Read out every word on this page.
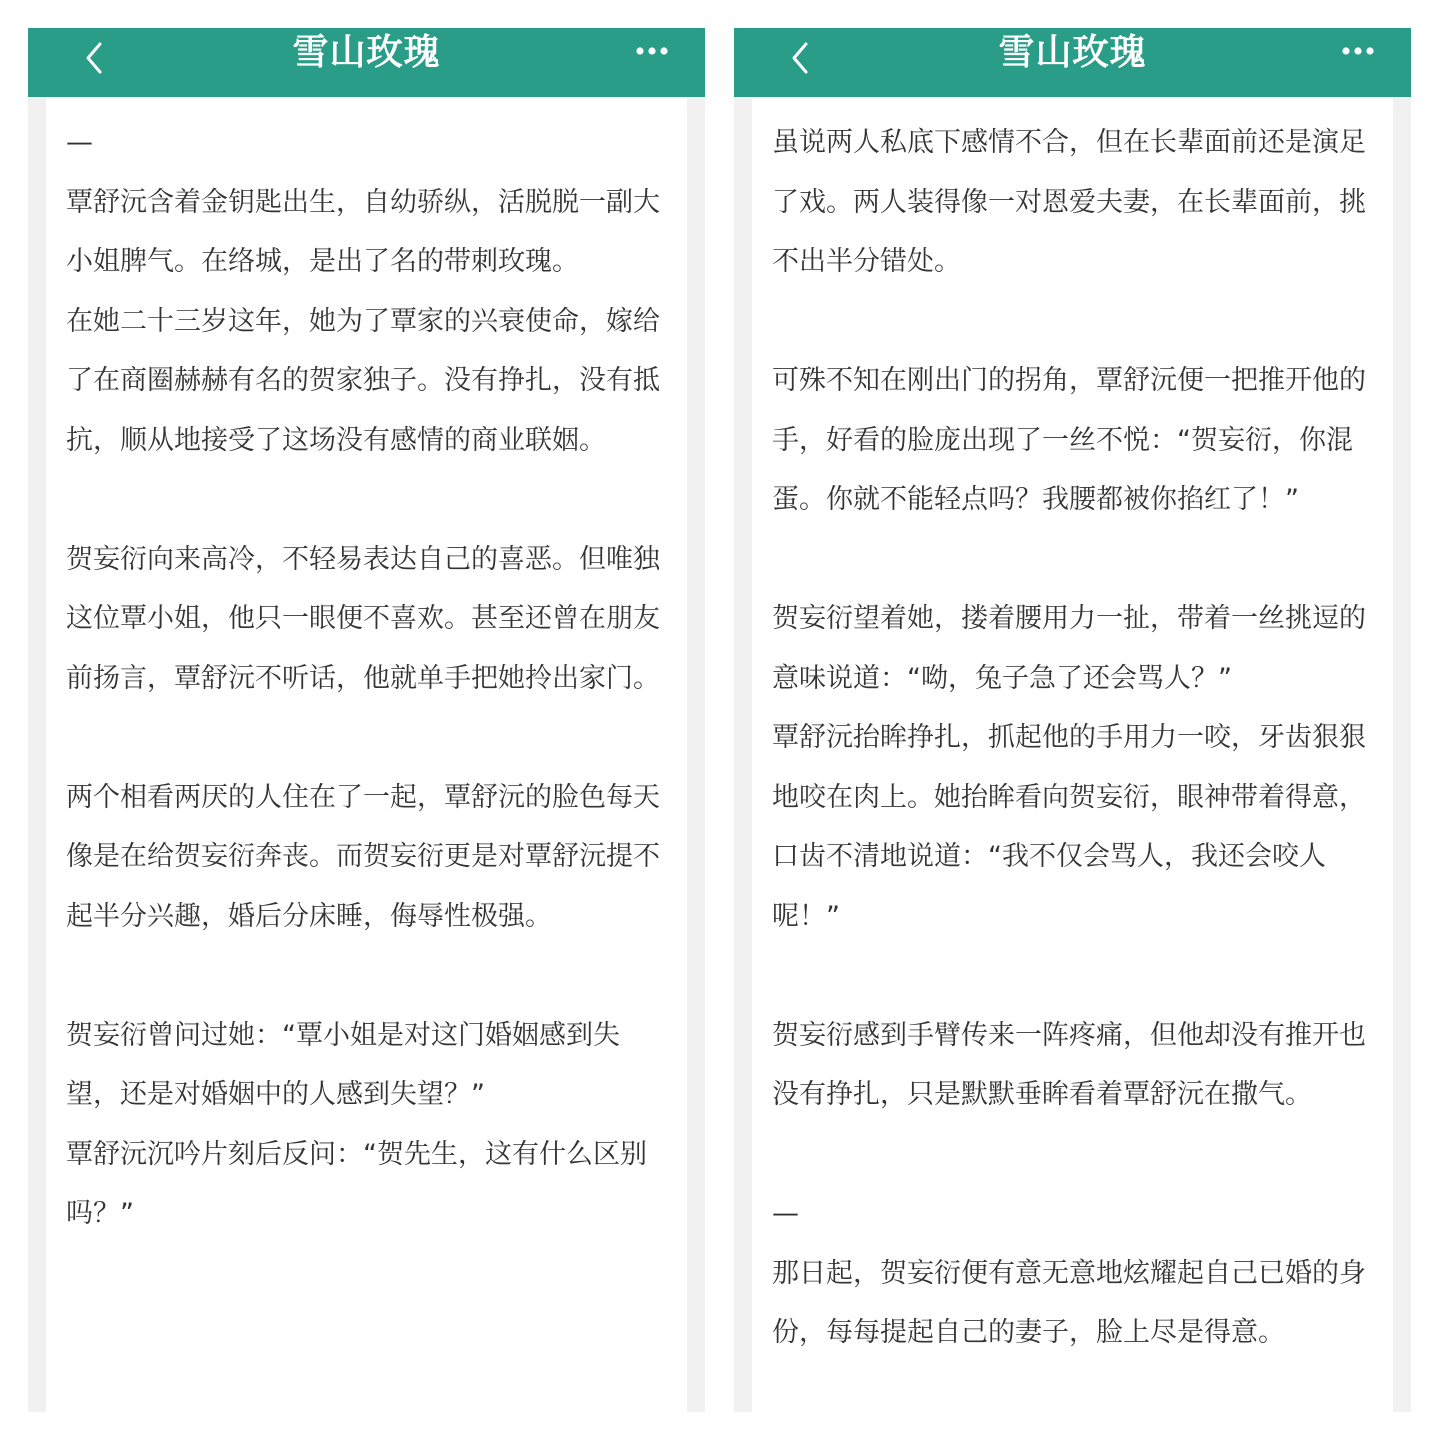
雪山玫瑰
—

覃舒沅含着金钥匙出生，自幼骄纵，活脱脱一副大小姐脾气。在络城，是出了名的带刺玫瑰。

在她二十三岁这年，她为了覃家的兴衰使命，嫁给了在商圈赫赫有名的贺家独子。没有挣扎，没有抵抗，顺从地接受了这场没有感情的商业联姻。

贺妄衍向来高冷，不轻易表达自己的喜恶。但唯独这位覃小姐，他只一眼便不喜欢。甚至还曾在朋友前扬言，覃舒沅不听话，他就单手把她拎出家门。

两个相看两厌的人住在了一起，覃舒沅的脸色每天像是在给贺妄衍奔丧。而贺妄衍更是对覃舒沅提不起半分兴趣，婚后分床睡，侮辱性极强。

贺妄衍曾问过她：“覃小姐是对这门婚姻感到失望，还是对婚姻中的人感到失望？”

覃舒沅沉吟片刻后反问：“贺先生，这有什么区别吗？”

雪山玫瑰

虽说两人私底下感情不合，但在长辈面前还是演足了戏。两人装得像一对恩爱夫妻，在长辈面前，挑不出半分错处。

可殊不知在刚出门的拐角，覃舒沅便一把推开他的手，好看的脸庞出现了一丝不悦：“贺妄衍，你混蛋。你就不能轻点吗？我腰都被你掐红了！”

贺妄衍望着她，搂着腰用力一扯，带着一丝挑逗的意味说道：“呦，兔子急了还会骂人？”

覃舒沅抬眸挣扎，抓起他的手用力一咬，牙齿狠狠地咬在肉上。她抬眸看向贺妄衍，眼神带着得意，口齿不清地说道：“我不仅会骂人，我还会咬人呢！”

贺妄衍感到手臂传来一阵疼痛，但他却没有推开也没有挣扎，只是默默垂眸看着覃舒沅在撒气。

—

那日起，贺妄衍便有意无意地炫耀起自己已婚的身份，每每提起自己的妻子，脸上尽是得意。
